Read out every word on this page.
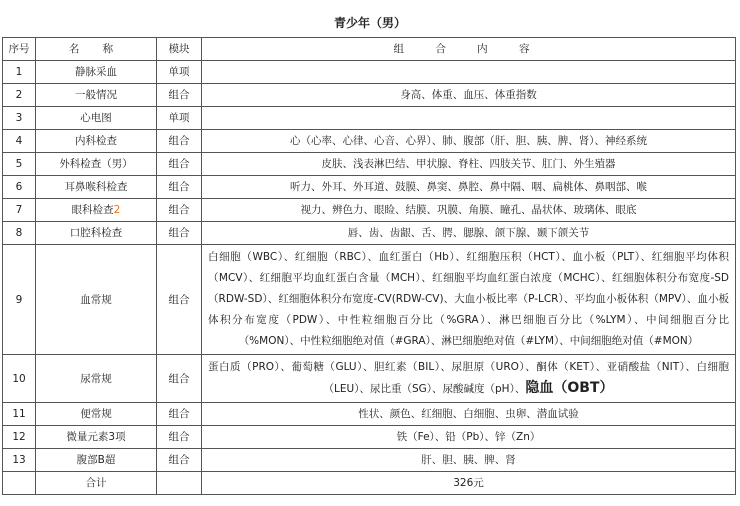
青少年（男）
序号	名 称	模块	组 合 内 容
1	静脉采血	单项	
2	一般情况	组合	身高、体重、血压、体重指数
3	心电图	单项	
4	内科检查	组合	心（心率、心律、心音、心界）、肺、腹部（肝、胆、胰、脾、肾）、神经系统
5	外科检查（男）	组合	皮肤、浅表淋巴结、甲状腺、脊柱、四肢关节、肛门、外生殖器
6	耳鼻喉科检查	组合	听力、外耳、外耳道、鼓膜、鼻窦、鼻腔、鼻中隔、咽、扁桃体、鼻咽部、喉
7	眼科检查2	组合	视力、辨色力、眼睑、结膜、巩膜、角膜、瞳孔、晶状体、玻璃体、眼底
8	口腔科检查	组合	唇、齿、齿龈、舌、腭、腮腺、颌下腺、颞下颌关节
9	血常规	组合	白细胞（WBC）、红细胞（RBC）、血红蛋白（Hb）、红细胞压积（HCT）、血小板（PLT）、红细胞平均体积（MCV）、红细胞平均血红蛋白含量（MCH）、红细胞平均血红蛋白浓度（MCHC）、红细胞体积分布宽度-SD（RDW-SD）、红细胞体积分布宽度-CV(RDW-CV)、大血小板比率（P-LCR）、平均血小板体积（MPV）、血小板体积分布宽度（PDW）、中性粒细胞百分比（%GRA）、淋巴细胞百分比（%LYM）、中间细胞百分比（%MON）、中性粒细胞绝对值（#GRA）、淋巴细胞绝对值（#LYM）、中间细胞绝对值（#MON）
10	尿常规	组合	蛋白质（PRO）、葡萄糖（GLU）、胆红素（BIL）、尿胆原（URO）、酮体（KET）、亚硝酸盐（NIT）、白细胞（LEU）、尿比重（SG）、尿酸碱度（pH）、隐血（OBT）
11	便常规	组合	性状、颜色、红细胞、白细胞、虫卵、潜血试验
12	微量元素3项	组合	铁（Fe）、铅（Pb）、锌（Zn）
13	腹部B超	组合	肝、胆、胰、脾、肾
	合计		326元
